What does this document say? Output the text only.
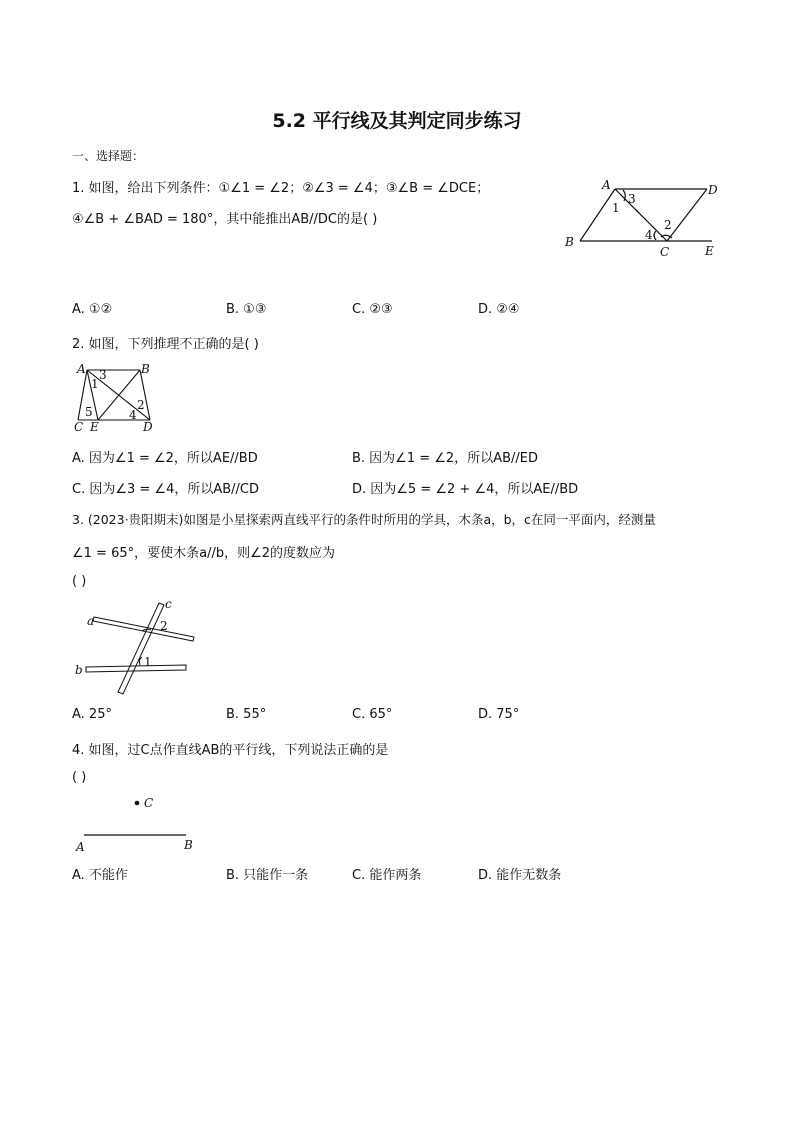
5.2 平行线及其判定同步练习
一、选择题：
1. 如图，给出下列条件：①∠1 = ∠2；②∠3 = ∠4；③∠B = ∠DCE；
④∠B + ∠BAD = 180°，其中能推出AB//DC的是( )
A	D
B
C	E
1
3
2
4
A. ①②	B. ①③	C. ②③	D. ②④
2. 如图，下列推理不正确的是( )
A	B
C E	D
1
3
2
4
5
A. 因为∠1 = ∠2，所以AE//BD	B. 因为∠1 = ∠2，所以AB//ED
C. 因为∠3 = ∠4，所以AB//CD	D. 因为∠5 = ∠2 + ∠4，所以AE//BD
3. (2023·贵阳期末)如图是小星探索两直线平行的条件时所用的学具，木条a，b，c在同一平面内，经测量
∠1 = 65°，要使木条a//b，则∠2的度数应为
( )
a
b
c
2
1
A. 25°	B. 55°	C. 65°	D. 75°
4. 如图，过C点作直线AB的平行线，下列说法正确的是
( )
C
A	B
A. 不能作	B. 只能作一条	C. 能作两条	D. 能作无数条
